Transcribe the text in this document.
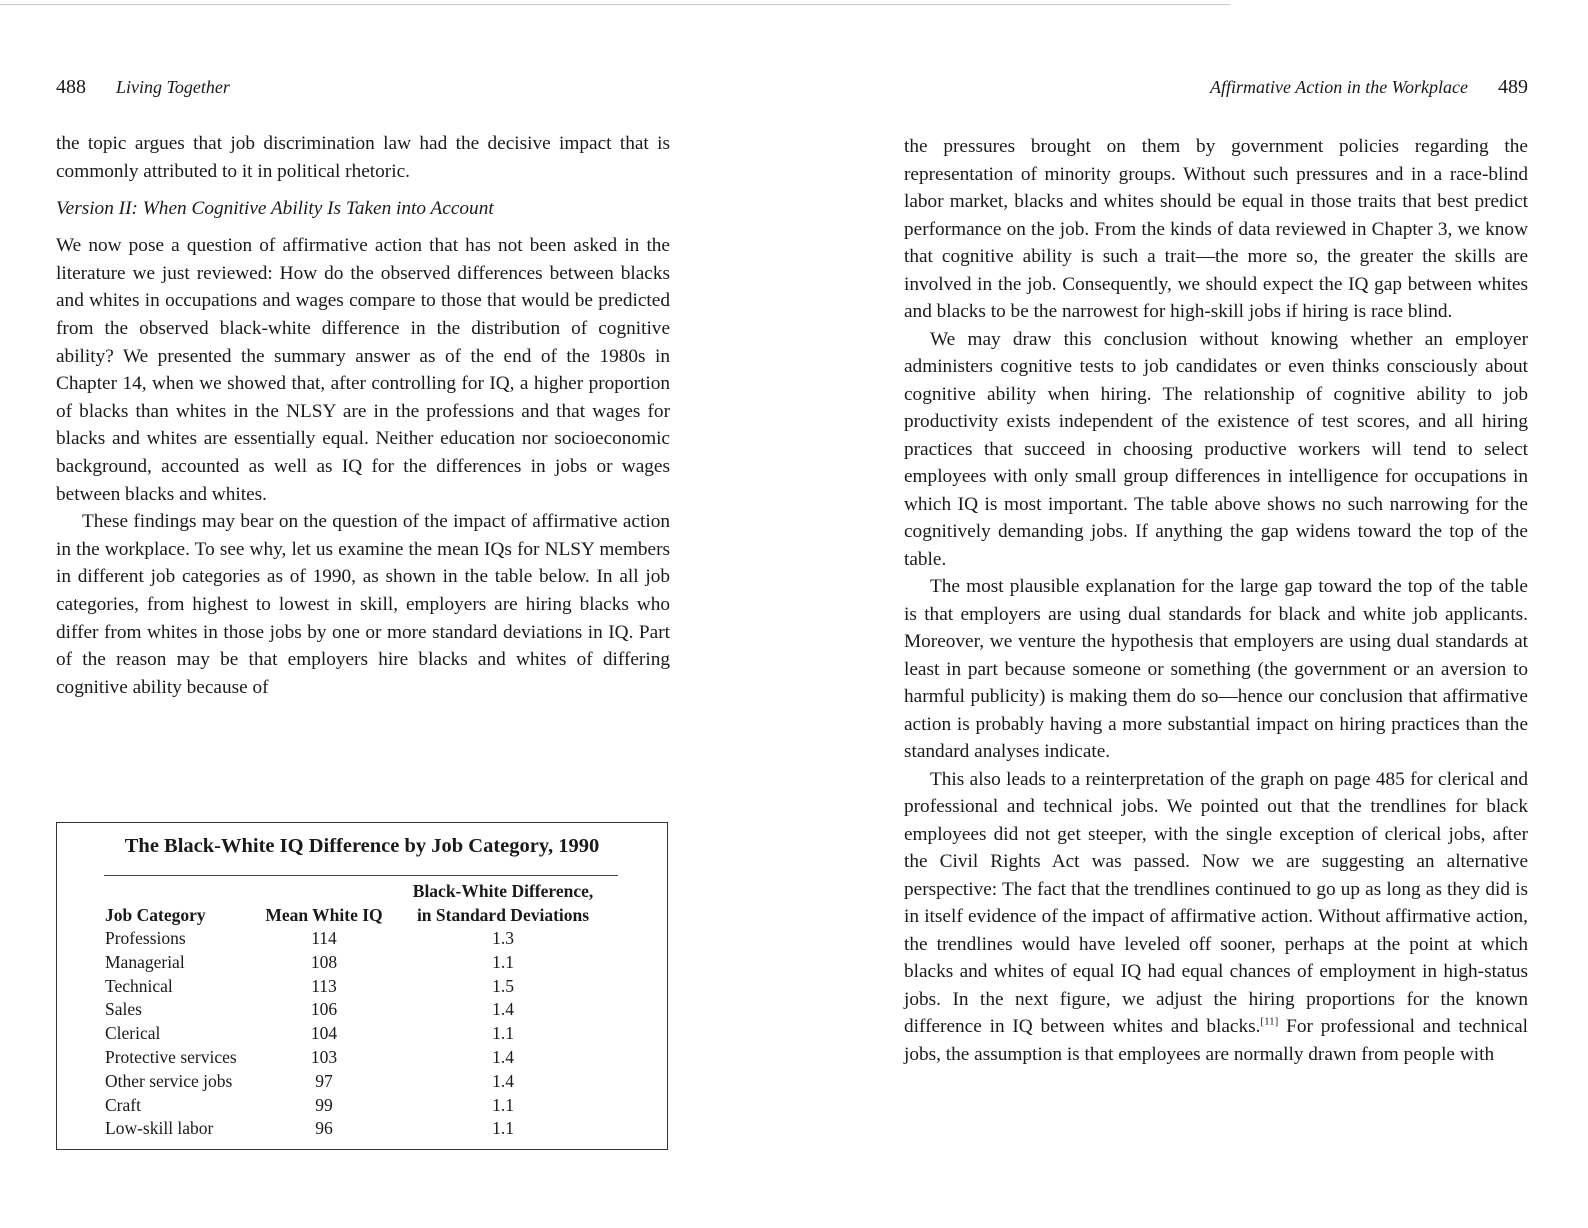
488 Living Together

the topic argues that job discrimination law had the decisive impact that is commonly attributed to it in political rhetoric.

Version II: When Cognitive Ability Is Taken into Account

We now pose a question of affirmative action that has not been asked in the literature we just reviewed: How do the observed differences between blacks and whites in occupations and wages compare to those that would be predicted from the observed black-white difference in the distribution of cognitive ability? We presented the summary answer as of the end of the 1980s in Chapter 14, when we showed that, after controlling for IQ, a higher proportion of blacks than whites in the NLSY are in the professions and that wages for blacks and whites are essentially equal. Neither education nor socioeconomic background, accounted as well as IQ for the differences in jobs or wages between blacks and whites.

These findings may bear on the question of the impact of affirmative action in the workplace. To see why, let us examine the mean IQs for NLSY members in different job categories as of 1990, as shown in the table below. In all job categories, from highest to lowest in skill, employers are hiring blacks who differ from whites in those jobs by one or more standard deviations in IQ. Part of the reason may be that employers hire blacks and whites of differing cognitive ability because of

The Black-White IQ Difference by Job Category, 1990
Job Category	Mean White IQ	Black-White Difference,
in Standard Deviations
Professions	114	1.3
Managerial	108	1.1
Technical	113	1.5
Sales	106	1.4
Clerical	104	1.1
Protective services	103	1.4
Other service jobs	97	1.4
Craft	99	1.1
Low-skill labor	96	1.1
Affirmative Action in the Workplace 489

the pressures brought on them by government policies regarding the representation of minority groups. Without such pressures and in a race-blind labor market, blacks and whites should be equal in those traits that best predict performance on the job. From the kinds of data reviewed in Chapter 3, we know that cognitive ability is such a trait—the more so, the greater the skills are involved in the job. Consequently, we should expect the IQ gap between whites and blacks to be the narrowest for high-skill jobs if hiring is race blind.

We may draw this conclusion without knowing whether an employer administers cognitive tests to job candidates or even thinks consciously about cognitive ability when hiring. The relationship of cognitive ability to job productivity exists independent of the existence of test scores, and all hiring practices that succeed in choosing productive workers will tend to select employees with only small group differences in intelligence for occupations in which IQ is most important. The table above shows no such narrowing for the cognitively demanding jobs. If anything the gap widens toward the top of the table.

The most plausible explanation for the large gap toward the top of the table is that employers are using dual standards for black and white job applicants. Moreover, we venture the hypothesis that employers are using dual standards at least in part because someone or something (the government or an aversion to harmful publicity) is making them do so—hence our conclusion that affirmative action is probably having a more substantial impact on hiring practices than the standard analyses indicate.

This also leads to a reinterpretation of the graph on page 485 for clerical and professional and technical jobs. We pointed out that the trendlines for black employees did not get steeper, with the single exception of clerical jobs, after the Civil Rights Act was passed. Now we are suggesting an alternative perspective: The fact that the trendlines continued to go up as long as they did is in itself evidence of the impact of affirmative action. Without affirmative action, the trendlines would have leveled off sooner, perhaps at the point at which blacks and whites of equal IQ had equal chances of employment in high-status jobs. In the next figure, we adjust the hiring proportions for the known difference in IQ between whites and blacks.[11] For professional and technical jobs, the assumption is that employees are normally drawn from people with
